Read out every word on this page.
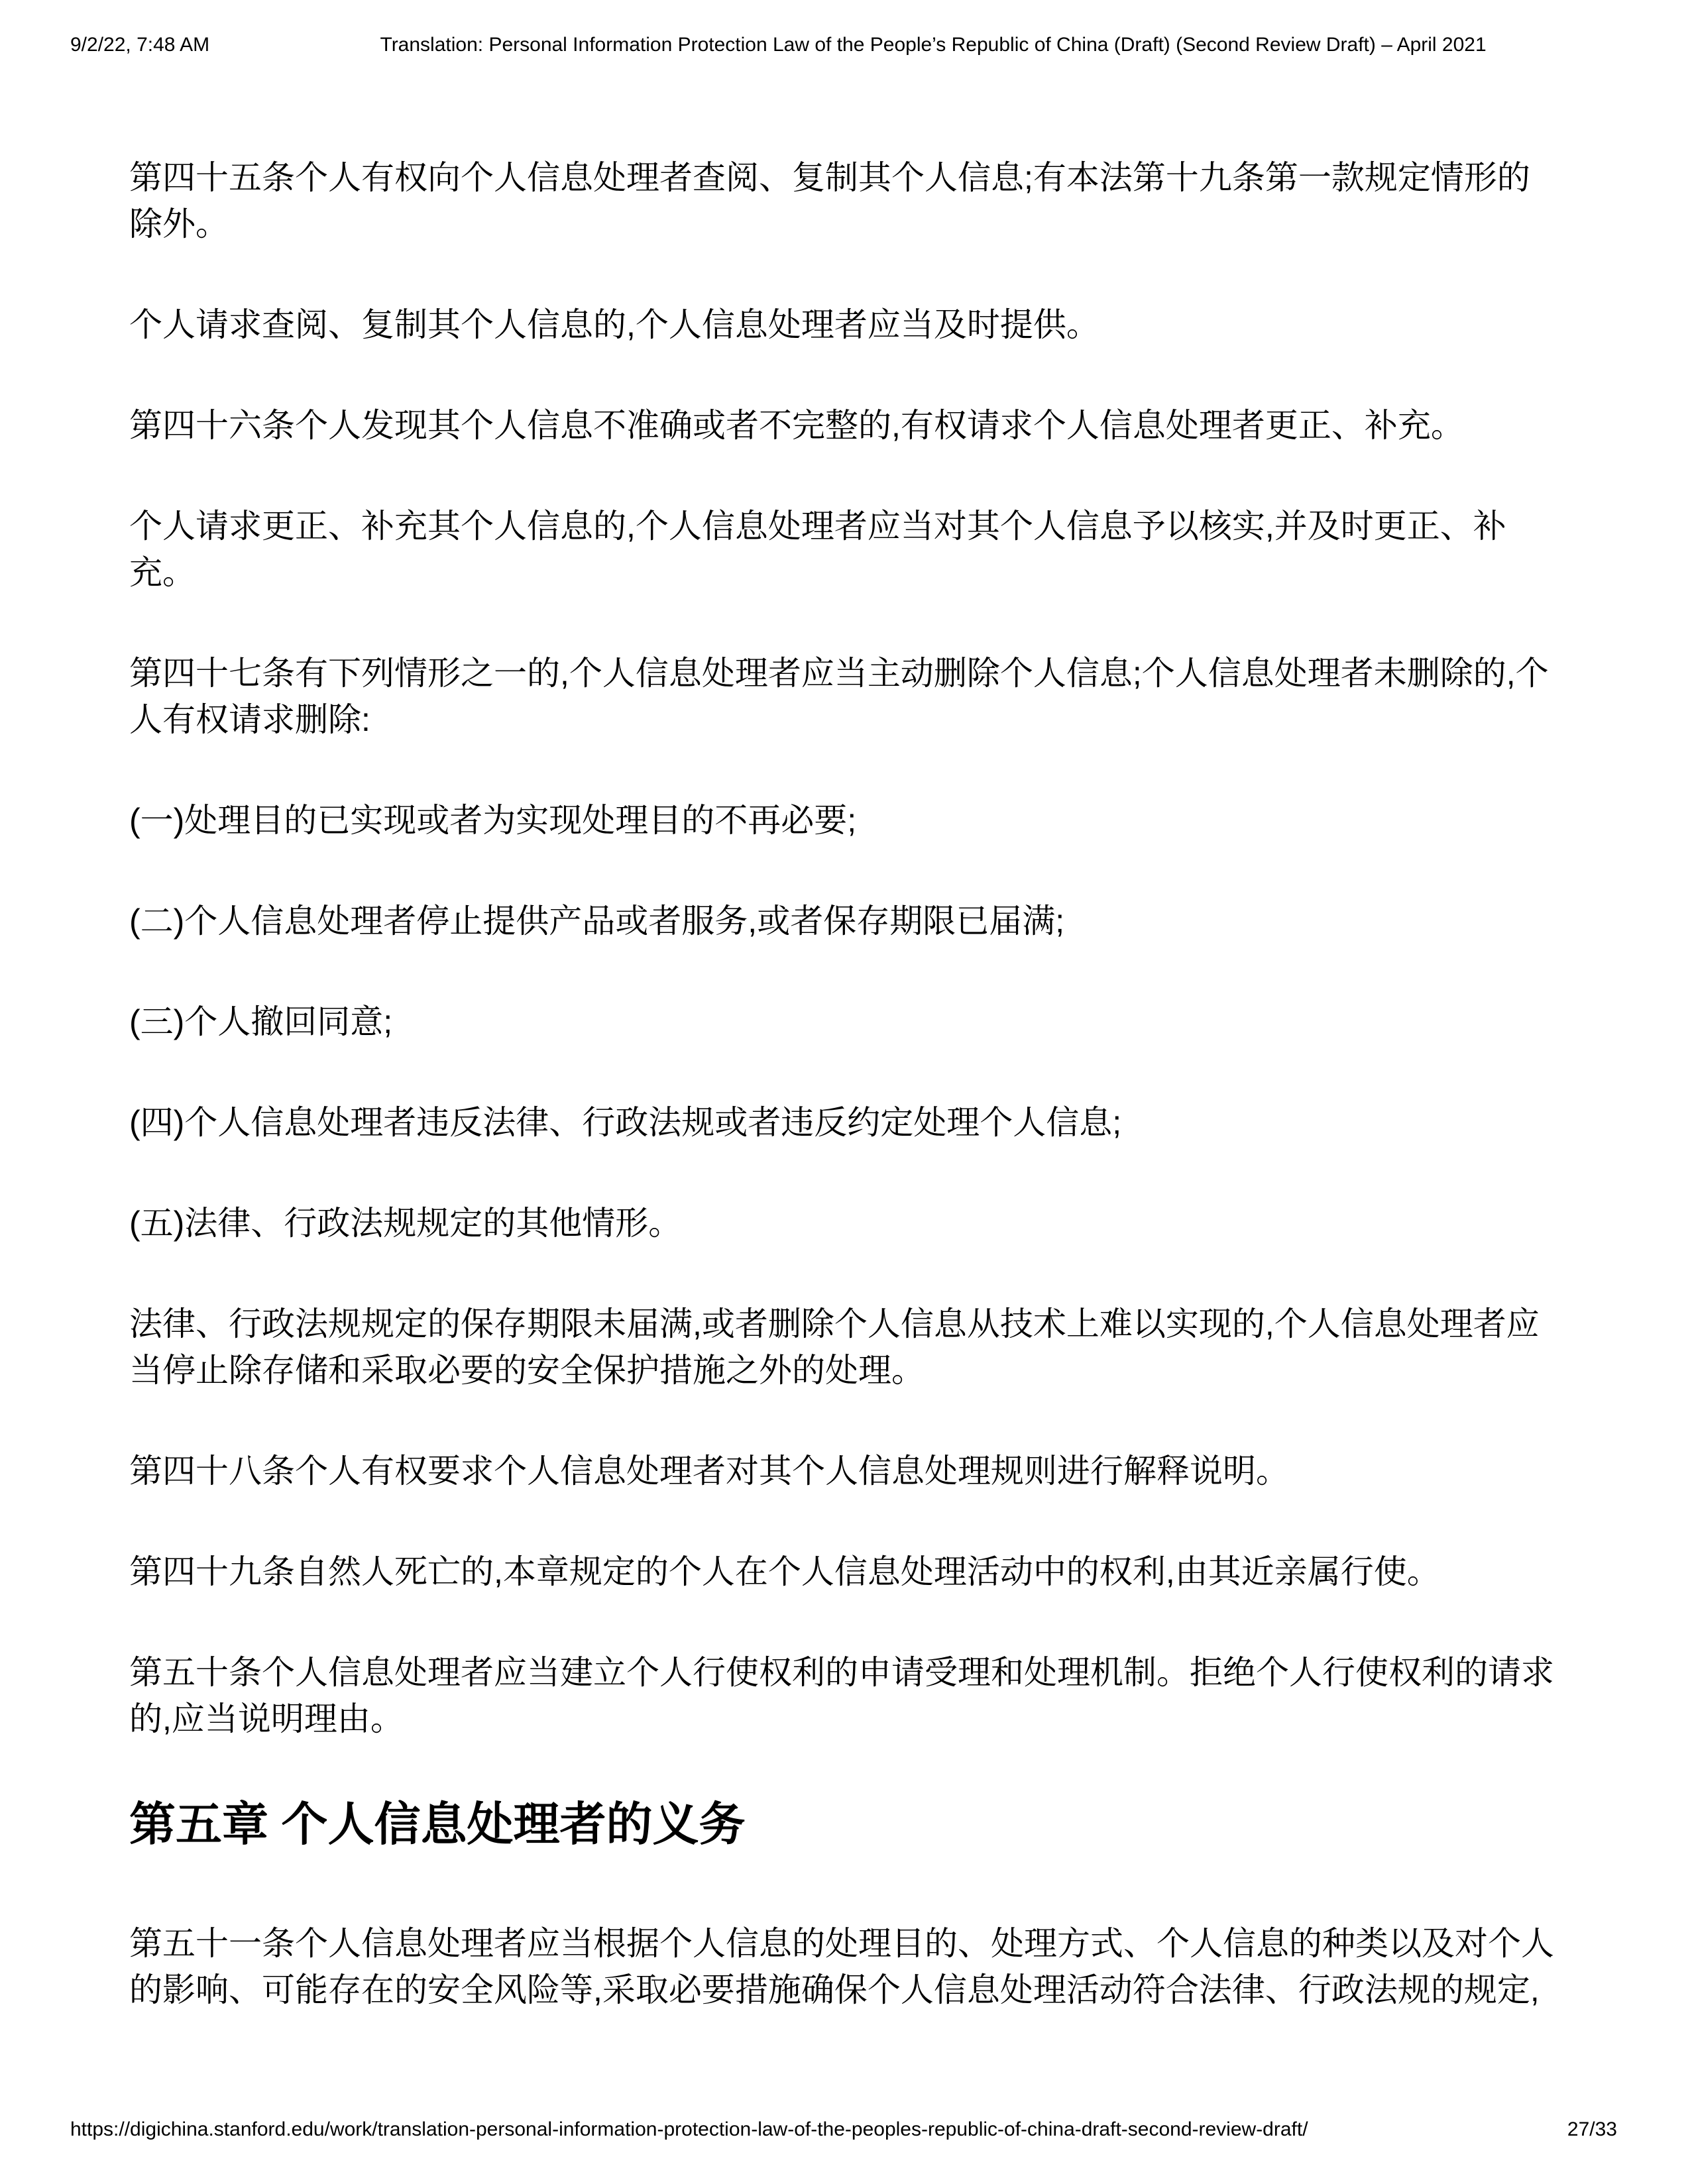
9/2/22, 7:48 AM	Translation: Personal Information Protection Law of the People’s Republic of China (Draft) (Second Review Draft) – April 2021

第四十五条个人有权向个人信息处理者查阅、复制其个人信息;有本法第十九条第一款规定情形的除外。

个人请求查阅、复制其个人信息的,个人信息处理者应当及时提供。

第四十六条个人发现其个人信息不准确或者不完整的,有权请求个人信息处理者更正、补充。

个人请求更正、补充其个人信息的,个人信息处理者应当对其个人信息予以核实,并及时更正、补充。

第四十七条有下列情形之一的,个人信息处理者应当主动删除个人信息;个人信息处理者未删除的,个人有权请求删除:

(一)处理目的已实现或者为实现处理目的不再必要;

(二)个人信息处理者停止提供产品或者服务,或者保存期限已届满;

(三)个人撤回同意;

(四)个人信息处理者违反法律、行政法规或者违反约定处理个人信息;

(五)法律、行政法规规定的其他情形。

法律、行政法规规定的保存期限未届满,或者删除个人信息从技术上难以实现的,个人信息处理者应当停止除存储和采取必要的安全保护措施之外的处理。

第四十八条个人有权要求个人信息处理者对其个人信息处理规则进行解释说明。

第四十九条自然人死亡的,本章规定的个人在个人信息处理活动中的权利,由其近亲属行使。

第五十条个人信息处理者应当建立个人行使权利的申请受理和处理机制。拒绝个人行使权利的请求的,应当说明理由。

第五章 个人信息处理者的义务

第五十一条个人信息处理者应当根据个人信息的处理目的、处理方式、个人信息的种类以及对个人的影响、可能存在的安全风险等,采取必要措施确保个人信息处理活动符合法律、行政法规的规定,

https://digichina.stanford.edu/work/translation-personal-information-protection-law-of-the-peoples-republic-of-china-draft-second-review-draft/	27/33
